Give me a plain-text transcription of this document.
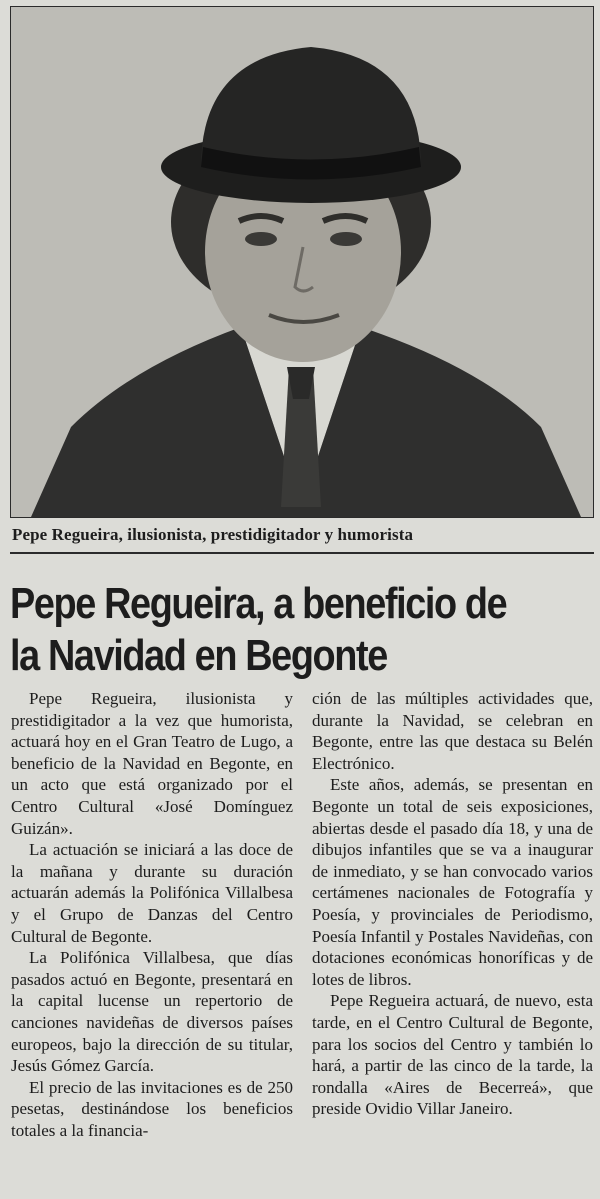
Pepe Regueira, ilusionista, prestidigitador y humorista
Pepe Regueira, a beneficio de
la Navidad en Begonte

Pepe Regueira, ilusionista y prestidigitador a la vez que humorista, actuará hoy en el Gran Teatro de Lugo, a beneficio de la Navidad en Begonte, en un acto que está organizado por el Centro Cultural «José Domínguez Guizán».

La actuación se iniciará a las doce de la mañana y durante su duración actuarán además la Polifónica Villalbesa y el Grupo de Danzas del Centro Cultural de Begonte.

La Polifónica Villalbesa, que días pasados actuó en Begonte, presentará en la capital lucense un repertorio de canciones navideñas de diversos países europeos, bajo la dirección de su titular, Jesús Gómez García.

El precio de las invitaciones es de 250 pesetas, destinándose los beneficios totales a la financia-

ción de las múltiples actividades que, durante la Navidad, se celebran en Begonte, entre las que destaca su Belén Electrónico.

Este años, además, se presentan en Begonte un total de seis exposiciones, abiertas desde el pasado día 18, y una de dibujos infantiles que se va a inaugurar de inmediato, y se han convocado varios certámenes nacionales de Fotografía y Poesía, y provinciales de Periodismo, Poesía Infantil y Postales Navideñas, con dotaciones económicas honoríficas y de lotes de libros.

Pepe Regueira actuará, de nuevo, esta tarde, en el Centro Cultural de Begonte, para los socios del Centro y también lo hará, a partir de las cinco de la tarde, la rondalla «Aires de Becerreá», que preside Ovidio Villar Janeiro.
